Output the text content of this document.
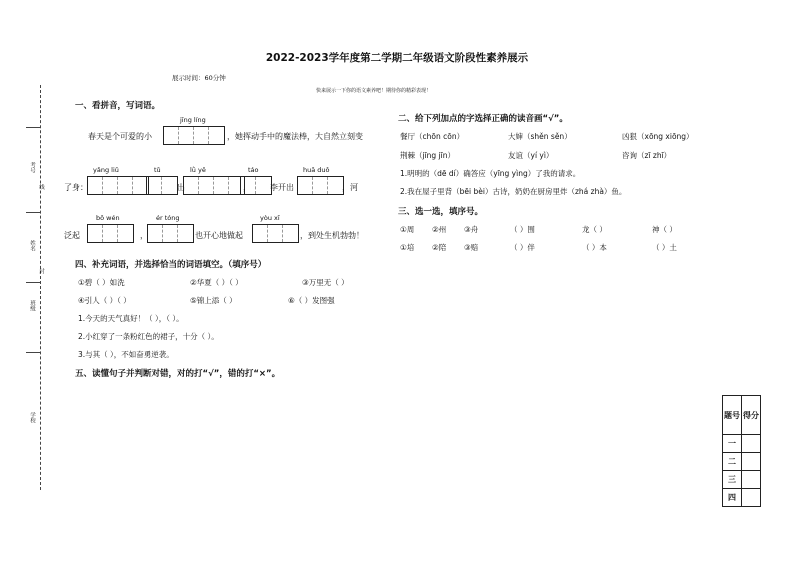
考号
线
姓名
封
班级
学校
2022-2023学年度第二学期二年级语文阶段性素养展示
展示时间：60分钟
快来展示一下你的语文素养吧！期待你的精彩表现！
一、看拼音，写词语。
jīng líng
春天是个可爱的小	，她挥动手中的魔法棒，大自然立刻变
yǎng liǔ	tǔ	lǜ yě	táo	huā duǒ
了身：	出	， 李开出	，河
bō wén	ér tóng	yòu xī
泛起	，	也开心地做起	，到处生机勃勃！
四、补充词语，并选择恰当的词语填空。（填序号）
①碧（ ）如洗	②华夏（ ）（ ）	③万里无（ ）
④引人（ ）（ ）	⑤锦上添（ ）	⑥（ ）发图强
1.今天的天气真好！（ ），（ ）。
2.小红穿了一条粉红色的裙子，十分（ ）。
3.与其（ ），不如奋勇逆袭。
五、读懂句子并判断对错，对的打“√”，错的打“×”。
二、给下列加点的字选择正确的读音画“√”。
餐厅（chōn cōn）	大婶（shěn sěn）	凶狠（xōng xiōng）
荆棘（jīng jīn）	友谊（yí yì）	咨询（zī zhī）
1.明明的（dē dí）确答应（yīng yìng）了我的请求。
2.我在屋子里背（bēi bèi）古诗，奶奶在厨房里炸（zhá zhà）鱼。
三、选一选，填序号。
①周 ②州 ③舟	（ ）围	龙（ ）	神（ ）
①培 ②陪 ③赔	（ ）伴	（ ）本	（ ）土
题号	得分
一	
二	
三	
四	
